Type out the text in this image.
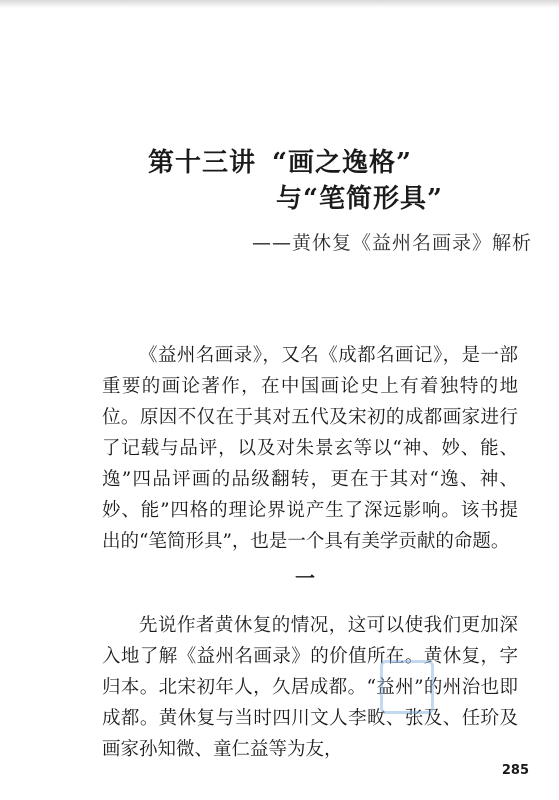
第十三讲 “画之逸格”
与“笔简形具”
——黄休复《益州名画录》解析

《益州名画录》，又名《成都名画记》，是一部重要的画论著作，在中国画论史上有着独特的地位。原因不仅在于其对五代及宋初的成都画家进行了记载与品评，以及对朱景玄等以“神、妙、能、逸”四品评画的品级翻转，更在于其对“逸、神、妙、能”四格的理论界说产生了深远影响。该书提出的“笔简形具”，也是一个具有美学贡献的命题。

一

先说作者黄休复的情况，这可以使我们更加深入地了解《益州名画录》的价值所在。黄休复，字归本。北宋初年人，久居成都。“益州”的州治也即成都。黄休复与当时四川文人李畋、张及、任玠及画家孙知微、童仁益等为友，

285
